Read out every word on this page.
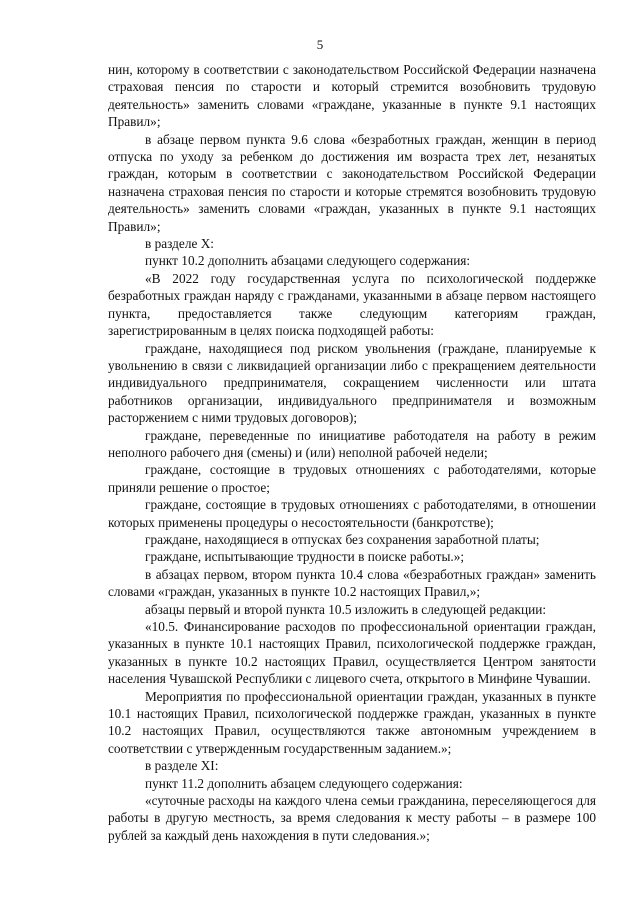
5

нин, которому в соответствии с законодательством Российской Федерации назначена страховая пенсия по старости и который стремится возобновить трудовую деятельность» заменить словами «граждане, указанные в пункте 9.1 настоящих Правил»;

в абзаце первом пункта 9.6 слова «безработных граждан, женщин в период отпуска по уходу за ребенком до достижения им возраста трех лет, незанятых граждан, которым в соответствии с законодательством Российской Федерации назначена страховая пенсия по старости и которые стремятся возобновить трудовую деятельность» заменить словами «граждан, указанных в пункте 9.1 настоящих Правил»;

в разделе X:

пункт 10.2 дополнить абзацами следующего содержания:

«В 2022 году государственная услуга по психологической поддержке безработных граждан наряду с гражданами, указанными в абзаце первом настоящего пункта, предоставляется также следующим категориям граждан, зарегистрированным в целях поиска подходящей работы:

граждане, находящиеся под риском увольнения (граждане, планируемые к увольнению в связи с ликвидацией организации либо с прекращением деятельности индивидуального предпринимателя, сокращением численности или штата работников организации, индивидуального предпринимателя и возможным расторжением с ними трудовых договоров);

граждане, переведенные по инициативе работодателя на работу в режим неполного рабочего дня (смены) и (или) неполной рабочей недели;

граждане, состоящие в трудовых отношениях с работодателями, которые приняли решение о простое;

граждане, состоящие в трудовых отношениях с работодателями, в отношении которых применены процедуры о несостоятельности (банкротстве);

граждане, находящиеся в отпусках без сохранения заработной платы;

граждане, испытывающие трудности в поиске работы.»;

в абзацах первом, втором пункта 10.4 слова «безработных граждан» заменить словами «граждан, указанных в пункте 10.2 настоящих Правил,»;

абзацы первый и второй пункта 10.5 изложить в следующей редакции:

«10.5. Финансирование расходов по профессиональной ориентации граждан, указанных в пункте 10.1 настоящих Правил, психологической поддержке граждан, указанных в пункте 10.2 настоящих Правил, осуществляется Центром занятости населения Чувашской Республики с лицевого счета, открытого в Минфине Чувашии.

Мероприятия по профессиональной ориентации граждан, указанных в пункте 10.1 настоящих Правил, психологической поддержке граждан, указанных в пункте 10.2 настоящих Правил, осуществляются также автономным учреждением в соответствии с утвержденным государственным заданием.»;

в разделе XI:

пункт 11.2 дополнить абзацем следующего содержания:

«суточные расходы на каждого члена семьи гражданина, переселяющегося для работы в другую местность, за время следования к месту работы – в размере 100 рублей за каждый день нахождения в пути следования.»;
